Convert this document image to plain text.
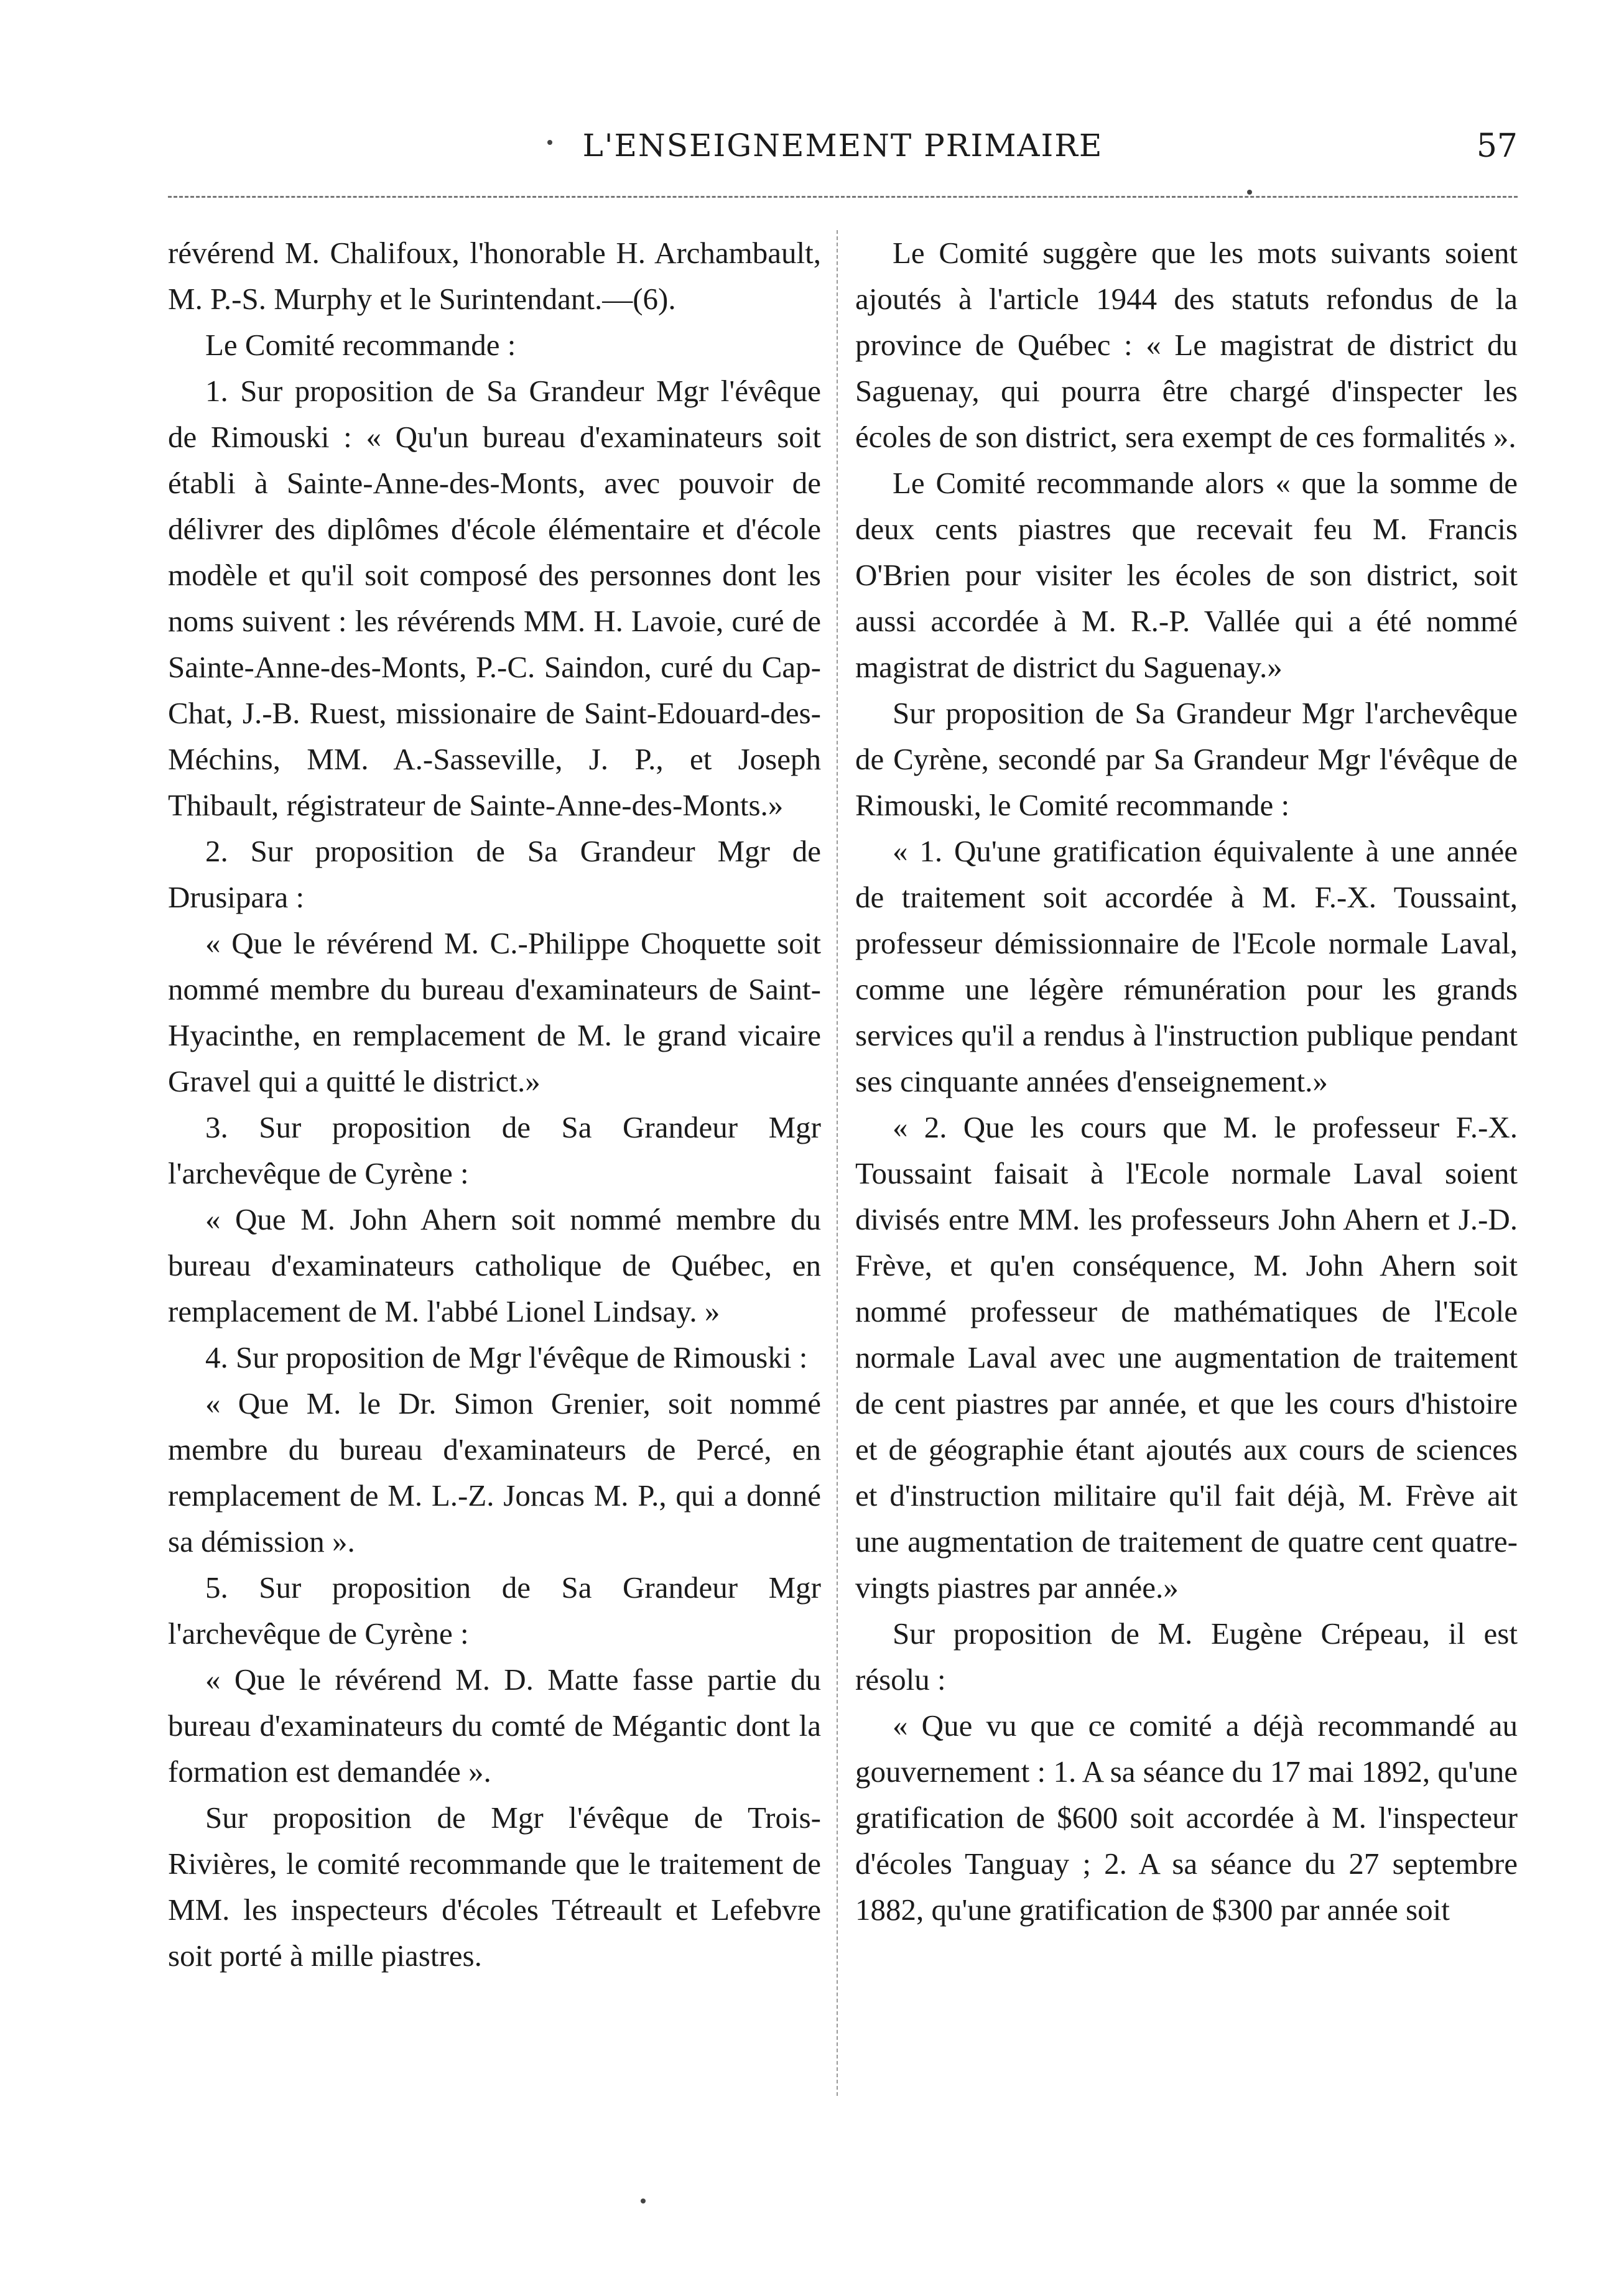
L'ENSEIGNEMENT PRIMAIRE	57

révérend M. Chalifoux, l'honorable H. Archambault, M. P.-S. Murphy et le Surintendant.—(6).

Le Comité recommande :

1. Sur proposition de Sa Grandeur Mgr l'évêque de Rimouski : « Qu'un bureau d'examinateurs soit établi à Sainte-Anne-des-Monts, avec pouvoir de délivrer des diplômes d'école élémentaire et d'école modèle et qu'il soit composé des personnes dont les noms suivent : les révérends MM. H. Lavoie, curé de Sainte-Anne-des-Monts, P.-C. Saindon, curé du Cap-Chat, J.-B. Ruest, missionaire de Saint-Edouard-des-Méchins, MM. A.-Sasseville, J. P., et Joseph Thibault, régistrateur de Sainte-Anne-des-Monts.»

2. Sur proposition de Sa Grandeur Mgr de Drusipara :

« Que le révérend M. C.-Philippe Choquette soit nommé membre du bureau d'examinateurs de Saint-Hyacinthe, en remplacement de M. le grand vicaire Gravel qui a quitté le district.»

3. Sur proposition de Sa Grandeur Mgr l'archevêque de Cyrène :

« Que M. John Ahern soit nommé membre du bureau d'examinateurs catholique de Québec, en remplacement de M. l'abbé Lionel Lindsay. »

4. Sur proposition de Mgr l'évêque de Rimouski :

« Que M. le Dr. Simon Grenier, soit nommé membre du bureau d'examinateurs de Percé, en remplacement de M. L.-Z. Joncas M. P., qui a donné sa démission ».

5. Sur proposition de Sa Grandeur Mgr l'archevêque de Cyrène :

« Que le révérend M. D. Matte fasse partie du bureau d'examinateurs du comté de Mégantic dont la formation est demandée ».

Sur proposition de Mgr l'évêque de Trois-Rivières, le comité recommande que le traitement de MM. les inspecteurs d'écoles Tétreault et Lefebvre soit porté à mille piastres.

Le Comité suggère que les mots suivants soient ajoutés à l'article 1944 des statuts refondus de la province de Québec : « Le magistrat de district du Saguenay, qui pourra être chargé d'inspecter les écoles de son district, sera exempt de ces formalités ».

Le Comité recommande alors « que la somme de deux cents piastres que recevait feu M. Francis O'Brien pour visiter les écoles de son district, soit aussi accordée à M. R.-P. Vallée qui a été nommé magistrat de district du Saguenay.»

Sur proposition de Sa Grandeur Mgr l'archevêque de Cyrène, secondé par Sa Grandeur Mgr l'évêque de Rimouski, le Comité recommande :

« 1. Qu'une gratification équivalente à une année de traitement soit accordée à M. F.-X. Toussaint, professeur démissionnaire de l'Ecole normale Laval, comme une légère rémunération pour les grands services qu'il a rendus à l'instruction publique pendant ses cinquante années d'enseignement.»

« 2. Que les cours que M. le professeur F.-X. Toussaint faisait à l'Ecole normale Laval soient divisés entre MM. les professeurs John Ahern et J.-D. Frève, et qu'en conséquence, M. John Ahern soit nommé professeur de mathématiques de l'Ecole normale Laval avec une augmentation de traitement de cent piastres par année, et que les cours d'histoire et de géographie étant ajoutés aux cours de sciences et d'instruction militaire qu'il fait déjà, M. Frève ait une augmentation de traitement de quatre cent quatre-vingts piastres par année.»

Sur proposition de M. Eugène Crépeau, il est résolu :

« Que vu que ce comité a déjà recommandé au gouvernement : 1. A sa séance du 17 mai 1892, qu'une gratification de $600 soit accordée à M. l'inspecteur d'écoles Tanguay ; 2. A sa séance du 27 septembre 1882, qu'une gratification de $300 par année soit
